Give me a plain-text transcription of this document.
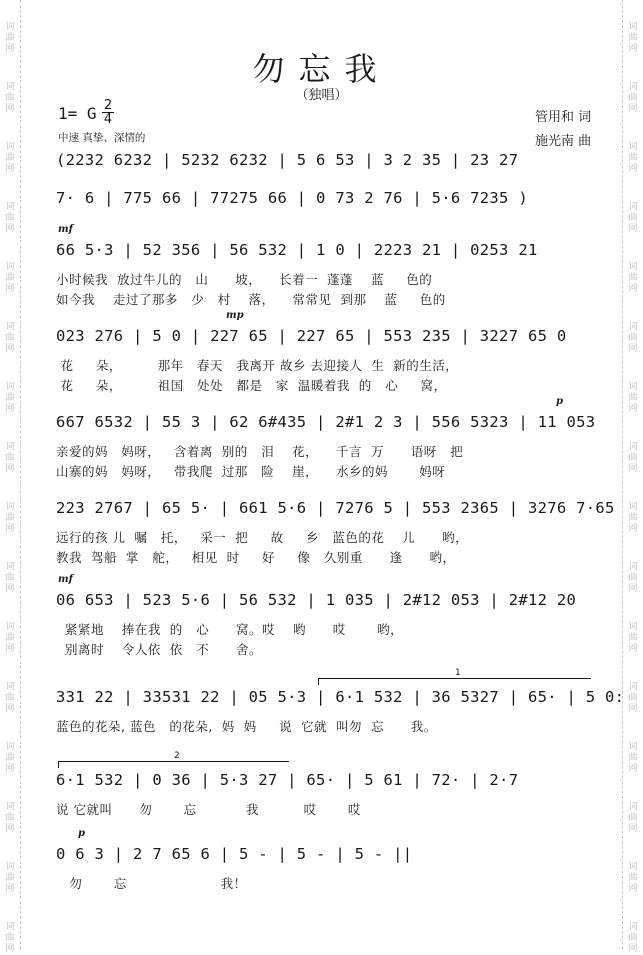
词
曲
网
词
曲
网
词
曲
网
词
曲
网
词
曲
网
词
曲
网
词
曲
网
词
曲
网
词
曲
网
词
曲
网
词
曲
网
词
曲
网
词
曲
网
词
曲
网
词
曲
网
词
曲
网
词
曲
网
词
曲
网
词
曲
网
词
曲
网
词
曲
网
词
曲
网
词
曲
网
词
曲
网
词
曲
网
词
曲
网
词
曲
网
词
曲
网
词
曲
网
词
曲
网
词
曲
网
词
曲
网
勿忘我
（独唱）
1= G $\frac{2}{4}$
中速 真挚、深情的
管用和 词
施光南 曲
(2232 6232 | 5232 6232 | 5 6 53 | 3 2 35 | 23 27
7· 6 | 775 66 | 77275 66 | 0 73 2 76 | 5·6 7235 )
66 5·3 | 52 356 | 56 532 | 1 0 | 2223 21 | 0253 21
mf
小时候我  放过牛儿的   山      坡，    长着一  蓬蓬    蓝     色的
如今我    走过了那多   少   村    落，    常常见  到那    蓝     色的
023 276 | 5 0 | 227 65 | 227 65 | 553 235 | 3227 65 0
mp
花     朵，        那年   春天   我离开 故乡 去迎接人  生  新的生活，
花     朵，        祖国   处处   都是   家  温暖着我  的   心     窝，
667 6532 | 55 3 | 62 6#435 | 2#1 2 3 | 556 5323 | 11 053
p
亲爱的妈   妈呀，   含着离  别的   泪    花，    千言  万      语呀   把
山寨的妈   妈呀，   带我爬  过那   险    崖，    水乡的妈       妈呀
223 2767 | 65 5· | 661 5·6 | 7276 5 | 553 2365 | 3276 7·65
远行的孩 儿  嘱   托，   采一  把     故     乡   蓝色的花    儿      哟，
教我  驾船  掌   舵，   相见  时     好     像   久别重      逢      哟，
06 653 | 523 5·6 | 56 532 | 1 035 | 2#12 053 | 2#12 20
mf
紧紧地    捧在我  的   心      窝。哎    哟      哎       哟，
别离时    令人依  依   不      舍。
331 22 | 33531 22 | 05 5·3 | 6·1 532 | 36 5327 | 65· | 5 0:
蓝色的花朵, 蓝色   的花朵,  妈  妈     说  它就  叫勿  忘      我。
6·1 532 | 0 36 | 5·3 27 | 65· | 5 61 | 72· | 2·7
说 它就叫      勿       忘           我          哎       哎
0 6 3 | 2 7 65 6 | 5 - | 5 - | 5 - ||
p
勿       忘                     我！
1
2
